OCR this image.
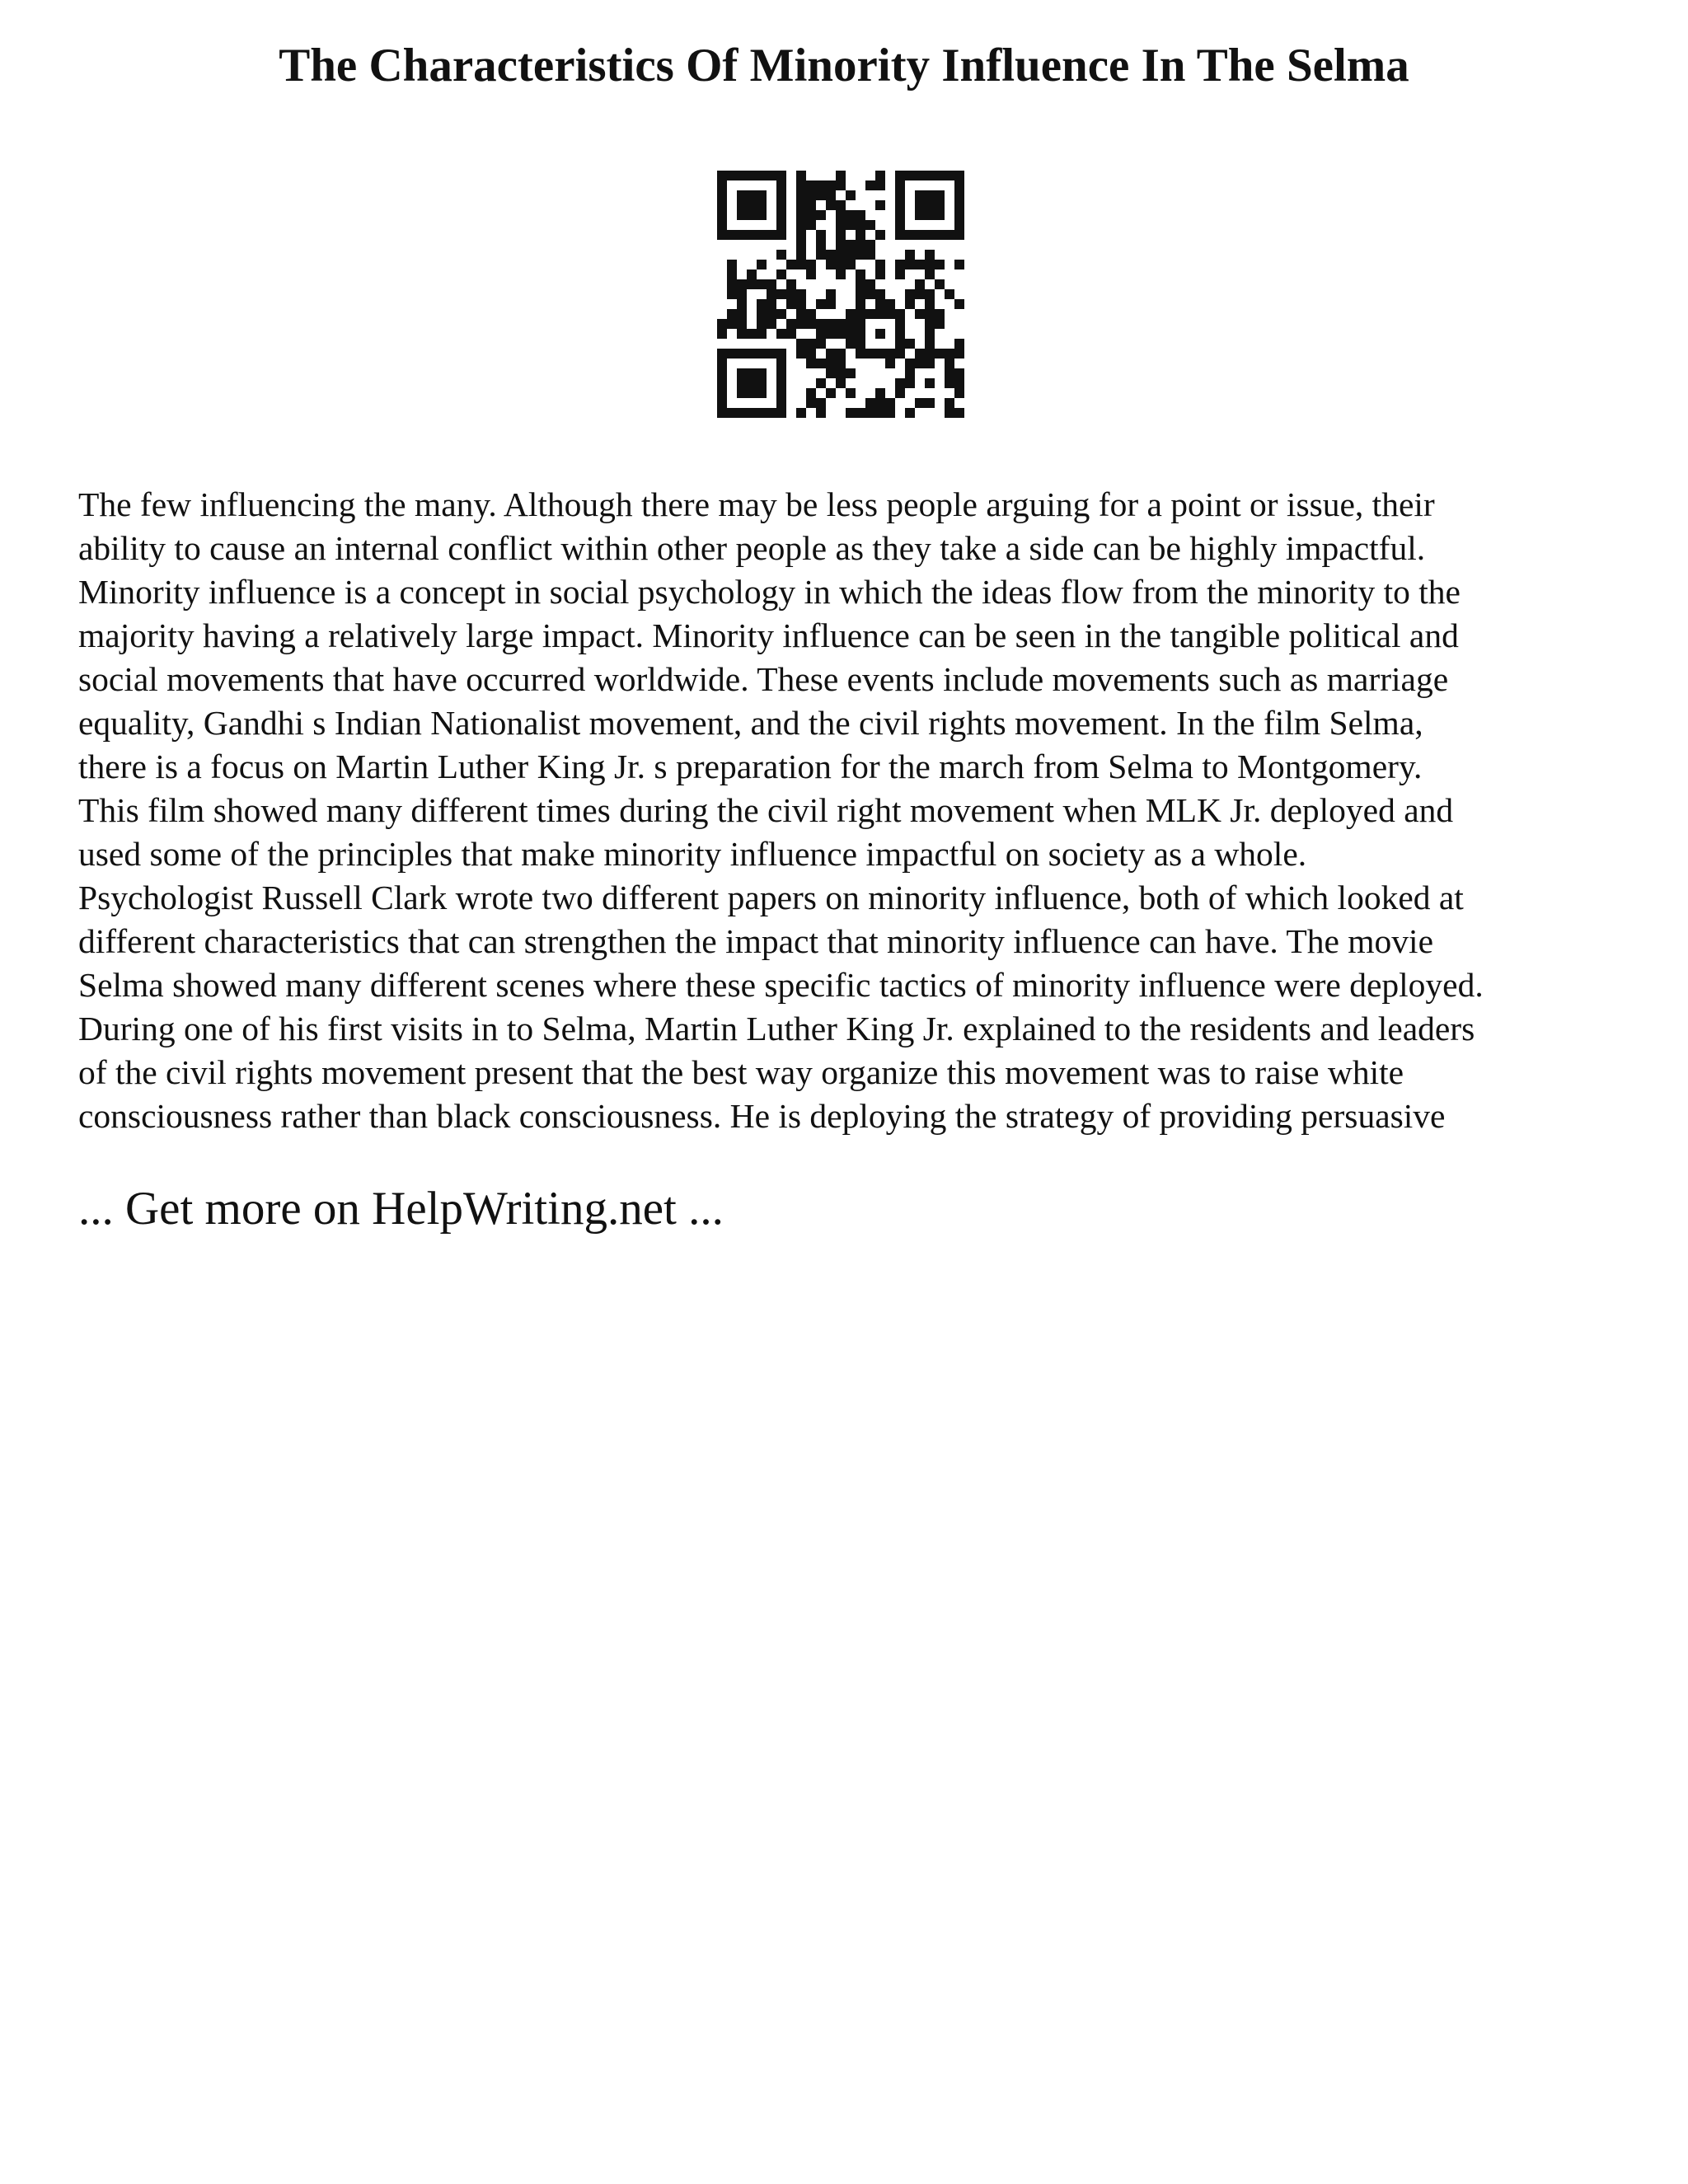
The Characteristics Of Minority Influence In The Selma

The few influencing the many. Although there may be less people arguing for a point or issue, their
ability to cause an internal conflict within other people as they take a side can be highly impactful.
Minority influence is a concept in social psychology in which the ideas flow from the minority to the
majority having a relatively large impact. Minority influence can be seen in the tangible political and
social movements that have occurred worldwide. These events include movements such as marriage
equality, Gandhi s Indian Nationalist movement, and the civil rights movement. In the film Selma,
there is a focus on Martin Luther King Jr. s preparation for the march from Selma to Montgomery.
This film showed many different times during the civil right movement when MLK Jr. deployed and
used some of the principles that make minority influence impactful on society as a whole.
Psychologist Russell Clark wrote two different papers on minority influence, both of which looked at
different characteristics that can strengthen the impact that minority influence can have. The movie
Selma showed many different scenes where these specific tactics of minority influence were deployed.
During one of his first visits in to Selma, Martin Luther King Jr. explained to the residents and leaders
of the civil rights movement present that the best way organize this movement was to raise white
consciousness rather than black consciousness. He is deploying the strategy of providing persuasive

... Get more on HelpWriting.net ...
